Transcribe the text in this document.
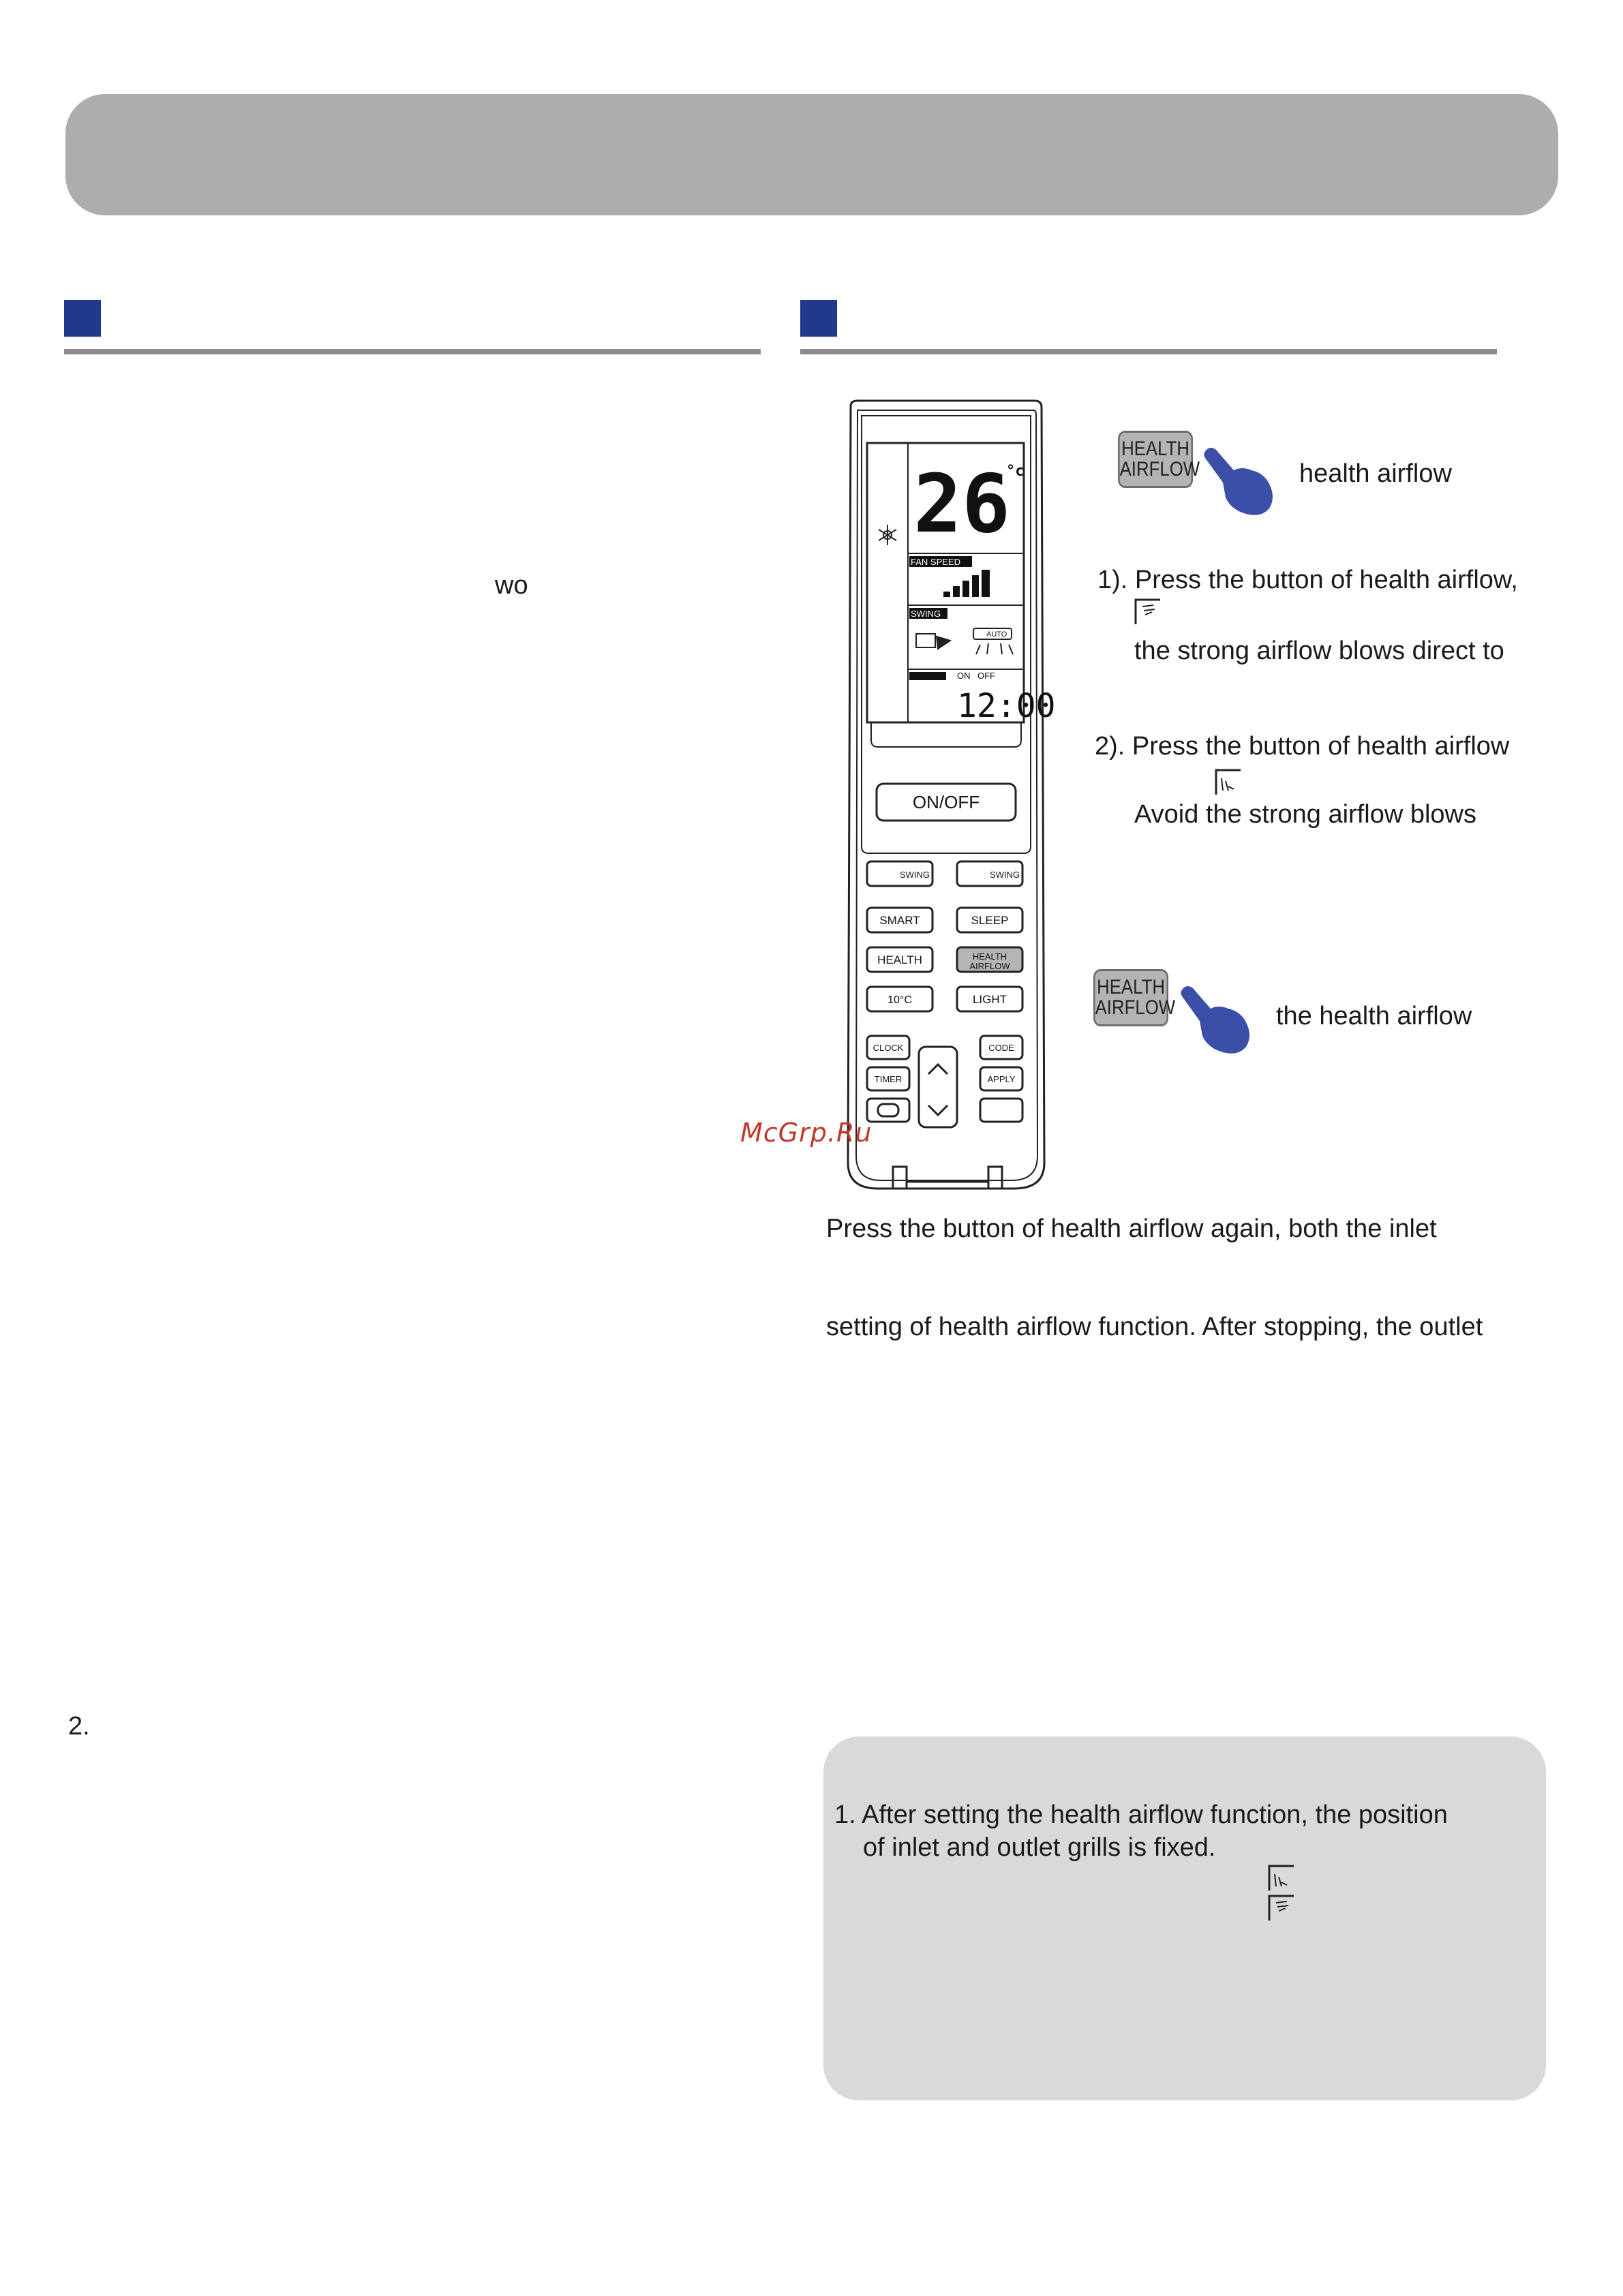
wo
2.
26
°c
12:00
FAN SPEED
SWING
AUTO
ON OFF
ON/OFF
SWING	SWING
SMART	SLEEP
HEALTH	HEALTH
AIRFLOW
10°C	LIGHT
CLOCK	CODE
TIMER	APPLY
McGrp.Ru
HEALTH
AIRFLOW	health airflow
1). Press the button of health airflow,
the strong airflow blows direct to
2). Press the button of health airflow
Avoid the strong airflow blows
HEALTH
AIRFLOW	the health airflow
Press the button of health airflow again, both the inlet
setting of health airflow function. After stopping, the outlet
1. After setting the health airflow function, the position
of inlet and outlet grills is fixed.
